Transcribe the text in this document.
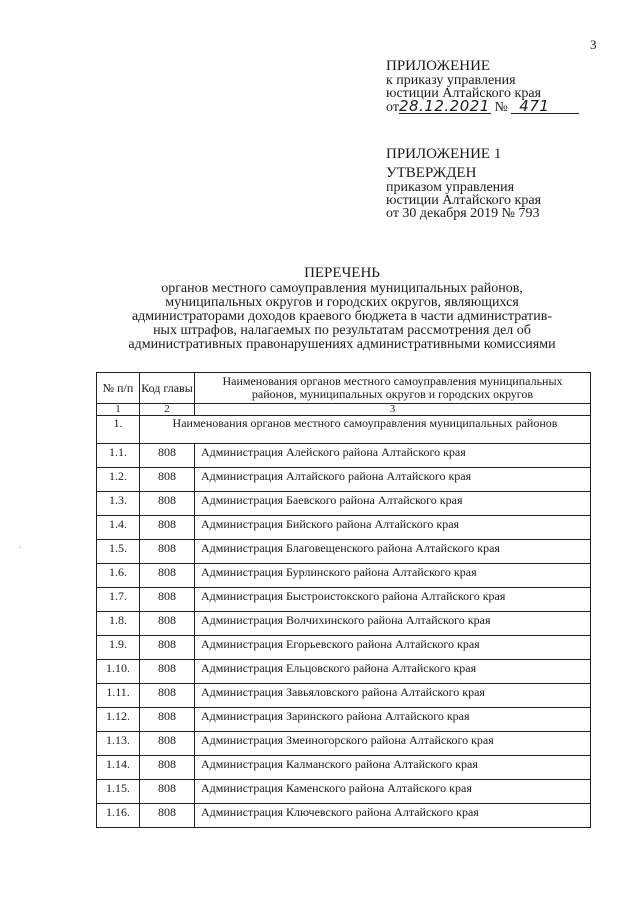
3
ПРИЛОЖЕНИЕ
к приказу управления
юстиции Алтайского края
от28.12.2021 № 471
ПРИЛОЖЕНИЕ 1
УТВЕРЖДЕН
приказом управления
юстиции Алтайского края
от 30 декабря 2019 № 793
ПЕРЕЧЕНЬ
органов местного самоуправления муниципальных районов,
муниципальных округов и городских округов, являющихся
администраторами доходов краевого бюджета в части административ-
ных штрафов, налагаемых по результатам рассмотрения дел об
административных правонарушениях административными комиссиями
·
№ п/п	Код главы	Наименования органов местного самоуправления муниципальных районов, муниципальных округов и городских округов
1	2	3
1.	Наименования органов местного самоуправления муниципальных районов	
1.1.	808	Администрация Алейского района Алтайского края
1.2.	808	Администрация Алтайского района Алтайского края
1.3.	808	Администрация Баевского района Алтайского края
1.4.	808	Администрация Бийского района Алтайского края
1.5.	808	Администрация Благовещенского района Алтайского края
1.6.	808	Администрация Бурлинского района Алтайского края
1.7.	808	Администрация Быстроистокского района Алтайского края
1.8.	808	Администрация Волчихинского района Алтайского края
1.9.	808	Администрация Егорьевского района Алтайского края
1.10.	808	Администрация Ельцовского района Алтайского края
1.11.	808	Администрация Завьяловского района Алтайского края
1.12.	808	Администрация Заринского района Алтайского края
1.13.	808	Администрация Змеиногорского района Алтайского края
1.14.	808	Администрация Калманского района Алтайского края
1.15.	808	Администрация Каменского района Алтайского края
1.16.	808	Администрация Ключевского района Алтайского края
